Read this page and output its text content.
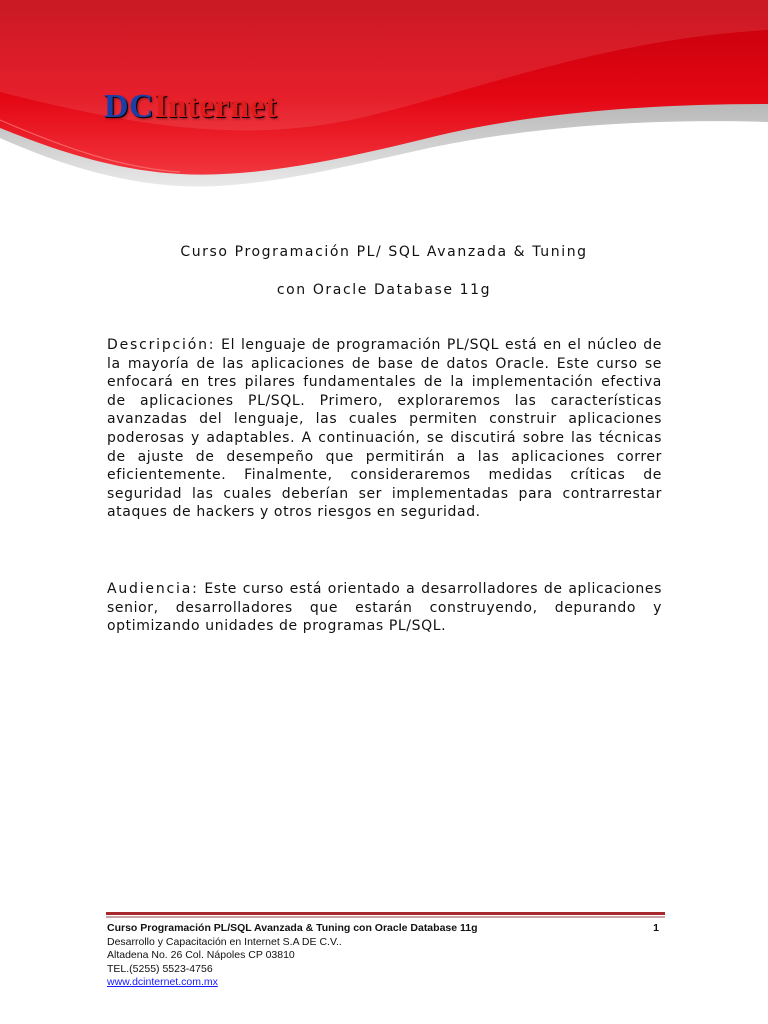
DCInternet
Curso Programación PL/ SQL Avanzada & Tuning
con Oracle Database 11g
Descripción: El lenguaje de programación PL/SQL está en el núcleo de la mayoría de las aplicaciones de base de datos Oracle. Este curso se enfocará en tres pilares fundamentales de la implementación efectiva de aplicaciones PL/SQL. Primero, exploraremos las características avanzadas del lenguaje, las cuales permiten construir aplicaciones poderosas y adaptables. A continuación, se discutirá sobre las técnicas de ajuste de desempeño que permitirán a las aplicaciones correr eficientemente. Finalmente, consideraremos medidas críticas de seguridad las cuales deberían ser implementadas para contrarrestar ataques de hackers y otros riesgos en seguridad.
Audiencia: Este curso está orientado a desarrolladores de aplicaciones senior, desarrolladores que estarán construyendo, depurando y optimizando unidades de programas PL/SQL.
Curso Programación PL/SQL Avanzada & Tuning con Oracle Database 11g	1
Desarrollo y Capacitación en Internet S.A DE C.V..
Altadena No. 26 Col. Nápoles CP 03810
TEL.(5255) 5523-4756
www.dcinternet.com.mx
